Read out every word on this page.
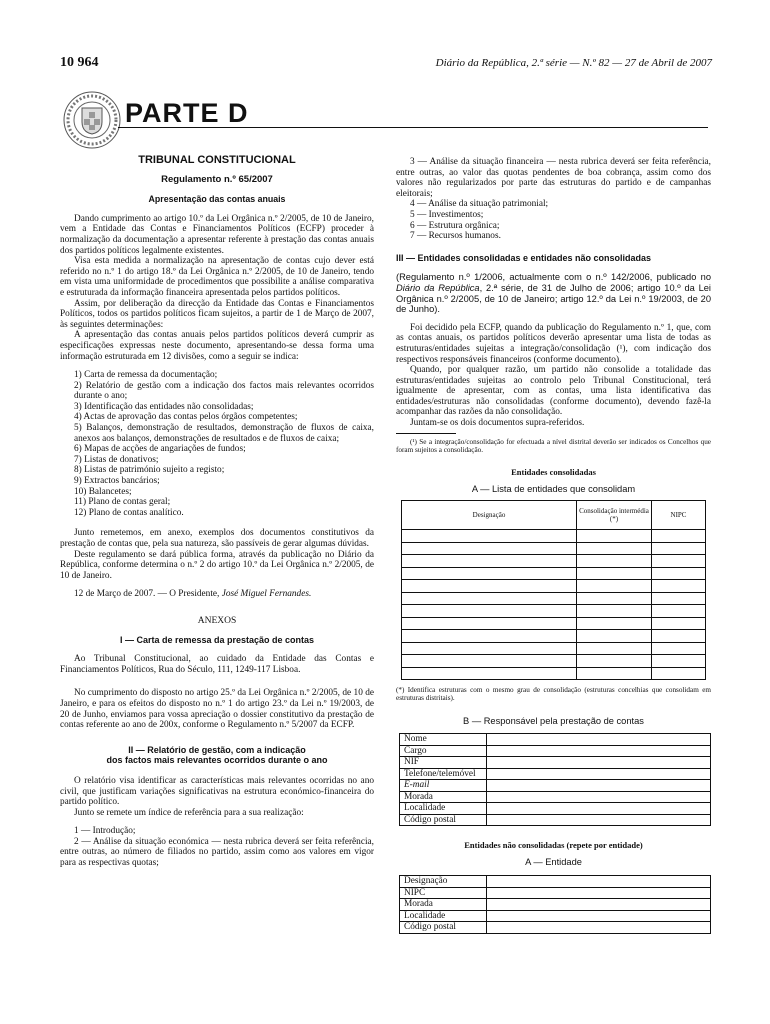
10 964	Diário da República, 2.ª série — N.º 82 — 27 de Abril de 2007
PARTE D

TRIBUNAL CONSTITUCIONAL

Regulamento n.º 65/2007

Apresentação das contas anuais

Dando cumprimento ao artigo 10.º da Lei Orgânica n.º 2/2005, de 10 de Janeiro, vem a Entidade das Contas e Financiamentos Políticos (ECFP) proceder à normalização da documentação a apresentar referente à prestação das contas anuais dos partidos políticos legalmente existentes.

Visa esta medida a normalização na apresentação de contas cujo dever está referido no n.º 1 do artigo 18.º da Lei Orgânica n.º 2/2005, de 10 de Janeiro, tendo em vista uma uniformidade de procedimentos que possibilite a análise comparativa e estruturada da informação financeira apresentada pelos partidos políticos.

Assim, por deliberação da direcção da Entidade das Contas e Financiamentos Políticos, todos os partidos políticos ficam sujeitos, a partir de 1 de Março de 2007, às seguintes determinações:

A apresentação das contas anuais pelos partidos políticos deverá cumprir as especificações expressas neste documento, apresentando-se dessa forma uma informação estruturada em 12 divisões, como a seguir se indica:

1) Carta de remessa da documentação;

2) Relatório de gestão com a indicação dos factos mais relevantes ocorridos durante o ano;

3) Identificação das entidades não consolidadas;

4) Actas de aprovação das contas pelos órgãos competentes;

5) Balanços, demonstração de resultados, demonstração de fluxos de caixa, anexos aos balanços, demonstrações de resultados e de fluxos de caixa;

6) Mapas de acções de angariações de fundos;

7) Listas de donativos;

8) Listas de património sujeito a registo;

9) Extractos bancários;

10) Balancetes;

11) Plano de contas geral;

12) Plano de contas analítico.

Junto remetemos, em anexo, exemplos dos documentos constitutivos da prestação de contas que, pela sua natureza, são passíveis de gerar algumas dúvidas.

Deste regulamento se dará pública forma, através da publicação no Diário da República, conforme determina o n.º 2 do artigo 10.º da Lei Orgânica n.º 2/2005, de 10 de Janeiro.

12 de Março de 2007. — O Presidente, José Miguel Fernandes.

ANEXOS

I — Carta de remessa da prestação de contas

Ao Tribunal Constitucional, ao cuidado da Entidade das Contas e Financiamentos Políticos, Rua do Século, 111, 1249-117 Lisboa.

No cumprimento do disposto no artigo 25.º da Lei Orgânica n.º 2/2005, de 10 de Janeiro, e para os efeitos do disposto no n.º 1 do artigo 23.º da Lei n.º 19/2003, de 20 de Junho, enviamos para vossa apreciação o dossier constitutivo da prestação de contas referente ao ano de 200x, conforme o Regulamento n.º 5/2007 da ECFP.

II — Relatório de gestão, com a indicação

dos factos mais relevantes ocorridos durante o ano

O relatório visa identificar as características mais relevantes ocorridas no ano civil, que justificam variações significativas na estrutura económico-financeira do partido político.

Junto se remete um índice de referência para a sua realização:

1 — Introdução;

2 — Análise da situação económica — nesta rubrica deverá ser feita referência, entre outras, ao número de filiados no partido, assim como aos valores em vigor para as respectivas quotas;

3 — Análise da situação financeira — nesta rubrica deverá ser feita referência, entre outras, ao valor das quotas pendentes de boa cobrança, assim como dos valores não regularizados por parte das estruturas do partido e de campanhas eleitorais;

4 — Análise da situação patrimonial;

5 — Investimentos;

6 — Estrutura orgânica;

7 — Recursos humanos.

III — Entidades consolidadas e entidades não consolidadas

(Regulamento n.º 1/2006, actualmente com o n.º 142/2006, publicado no Diário da República, 2.ª série, de 31 de Julho de 2006; artigo 10.º da Lei Orgânica n.º 2/2005, de 10 de Janeiro; artigo 12.º da Lei n.º 19/2003, de 20 de Junho).

Foi decidido pela ECFP, quando da publicação do Regulamento n.º 1, que, com as contas anuais, os partidos políticos deverão apresentar uma lista de todas as estruturas/entidades sujeitas a integração/consolidação (¹), com indicação dos respectivos responsáveis financeiros (conforme documento).

Quando, por qualquer razão, um partido não consolide a totalidade das estruturas/entidades sujeitas ao controlo pelo Tribunal Constitucional, terá igualmente de apresentar, com as contas, uma lista identificativa das entidades/estruturas não consolidadas (conforme documento), devendo fazê-la acompanhar das razões da não consolidação.

Juntam-se os dois documentos supra-referidos.

(¹) Se a integração/consolidação for efectuada a nível distrital deverão ser indicados os Concelhos que foram sujeitos a consolidação.

Entidades consolidadas

A — Lista de entidades que consolidam

Designação	Consolidação intermédia (*)	NIPC

(*) Identifica estruturas com o mesmo grau de consolidação (estruturas concelhias que consolidam em estruturas distritais).

B — Responsável pela prestação de contas

Nome	
Cargo	
NIF	
Telefone/telemóvel	
E-mail	
Morada	
Localidade	
Código postal	

Entidades não consolidadas (repete por entidade)

A — Entidade

Designação	
NIPC	
Morada	
Localidade	
Código postal	
